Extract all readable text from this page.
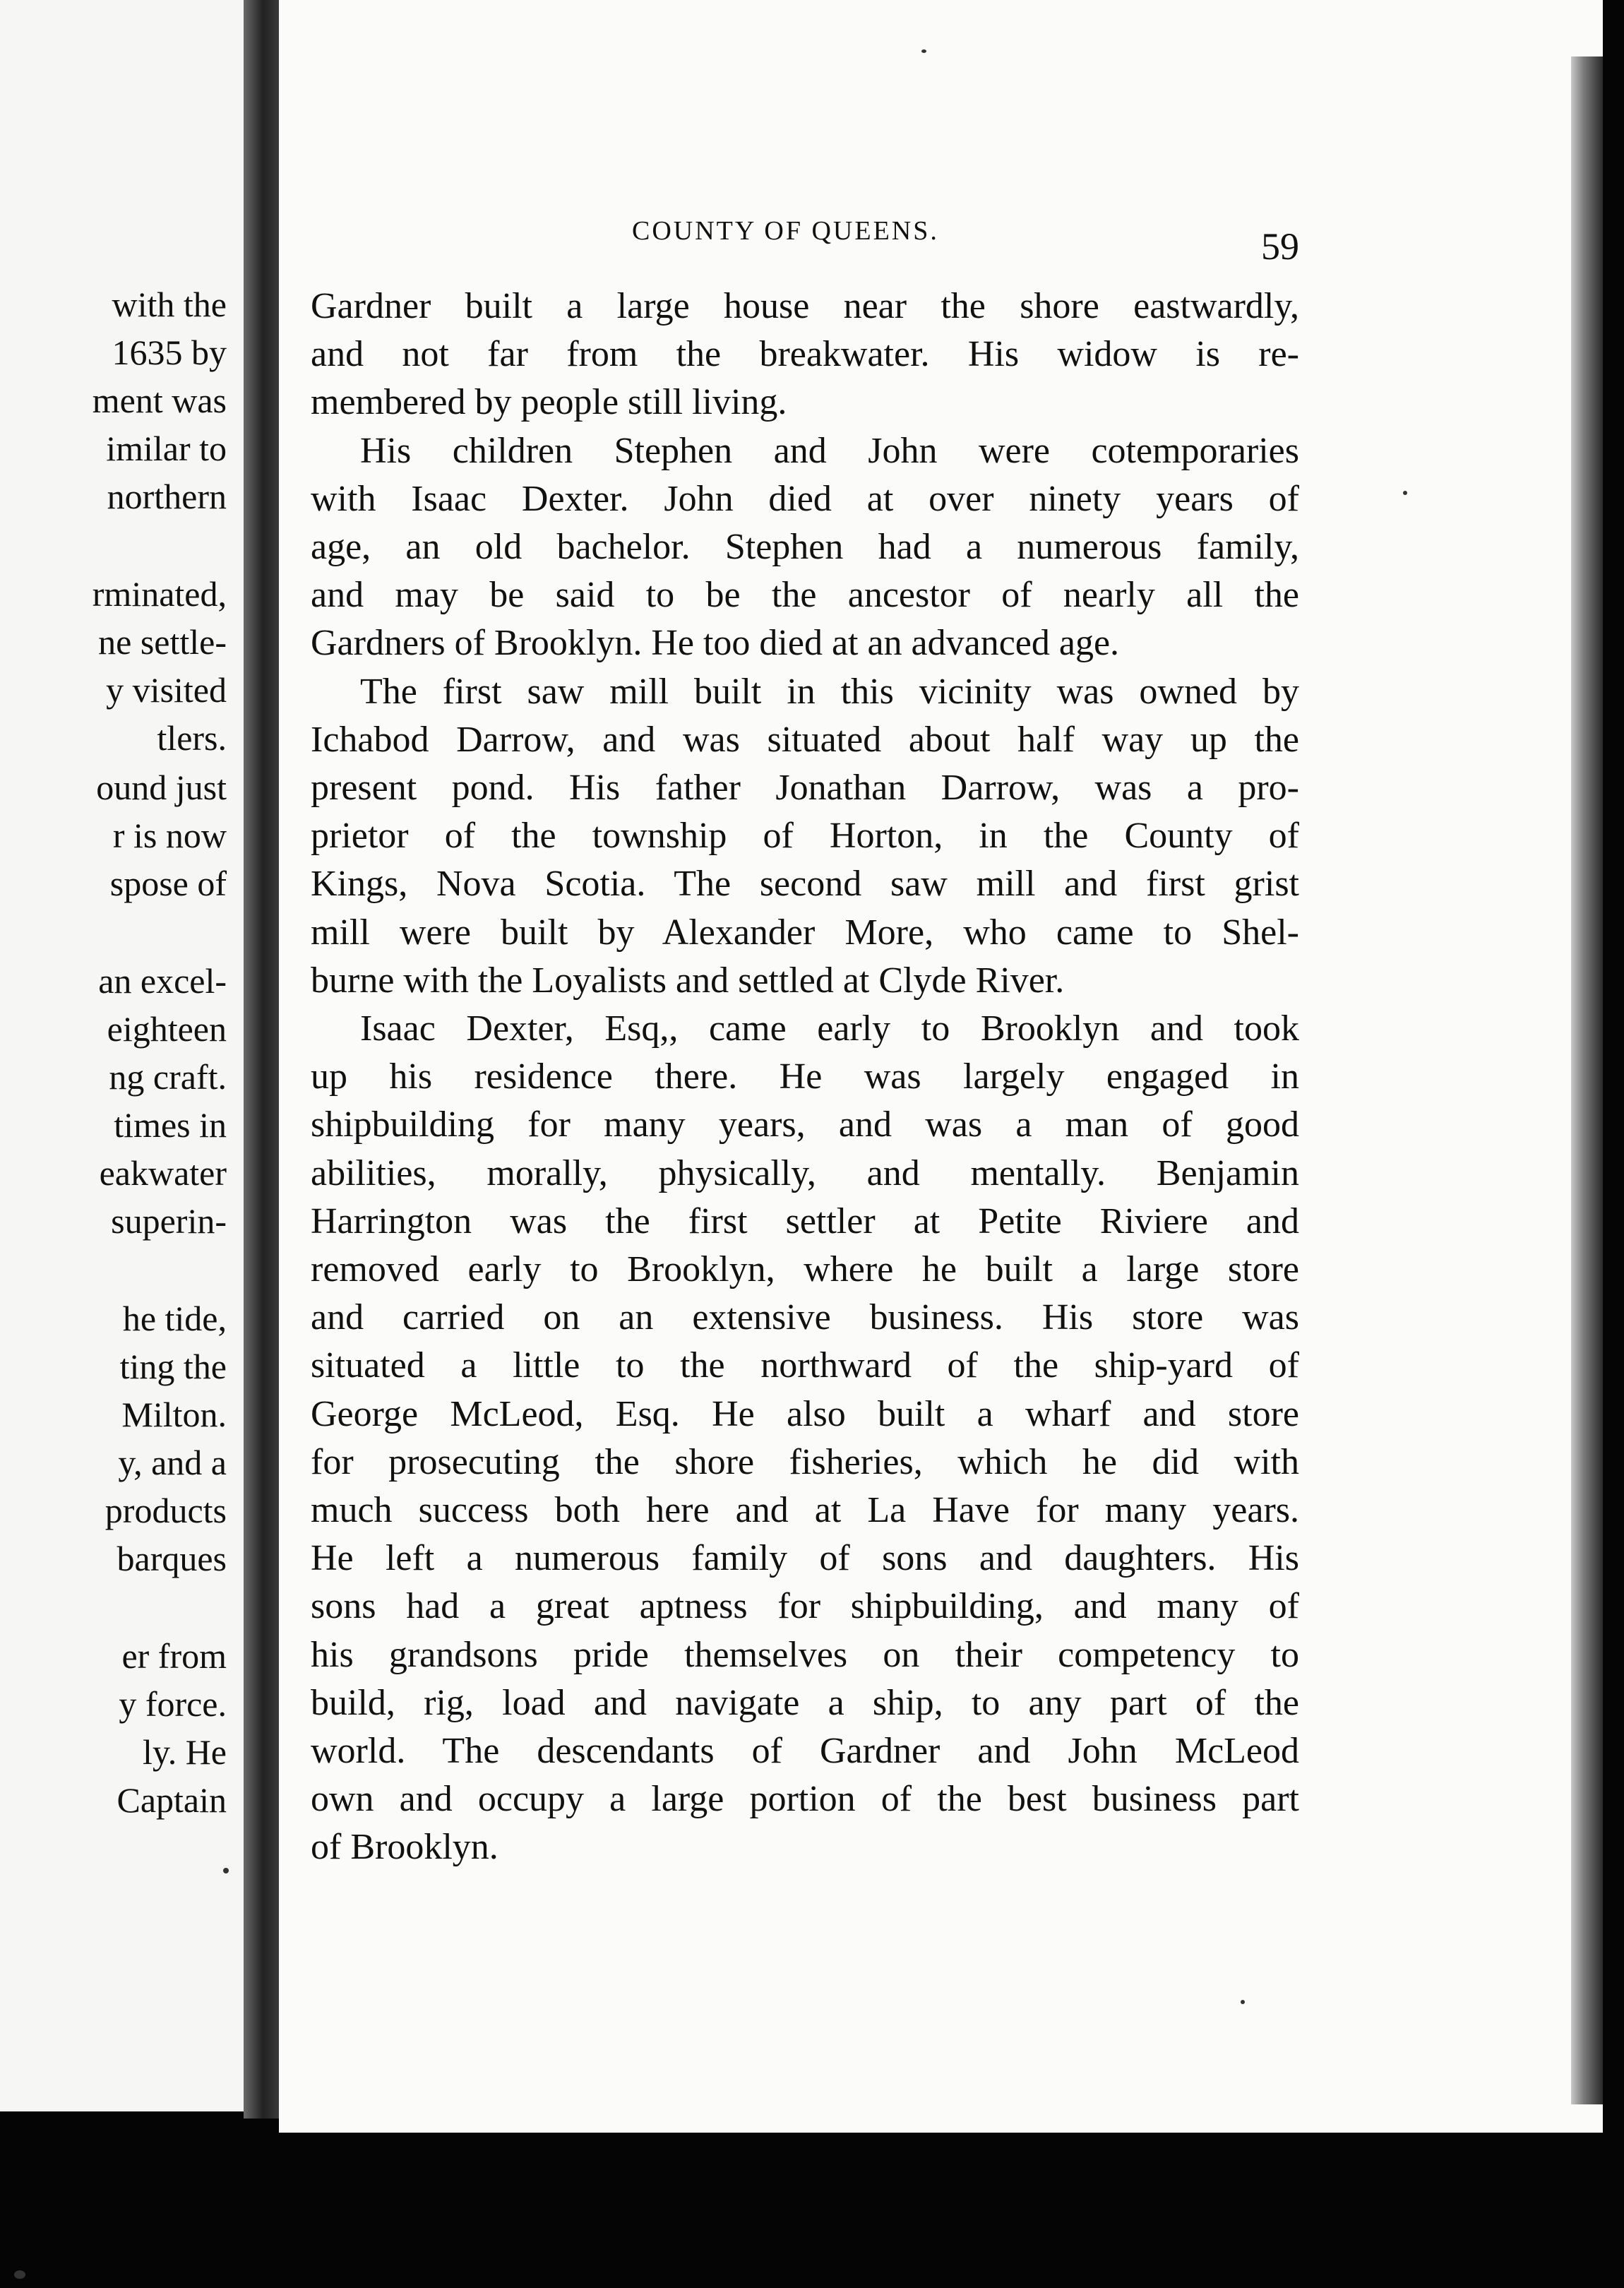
with the
1635 by
ment was
imilar to
northern
rminated,
ne settle-
y visited
tlers.
ound just
r is now
spose of
an excel-
eighteen
ng craft.
times in
eakwater
superin-
he tide,
ting the
Milton.
y, and a
products
barques
er from
y force.
ly. He
Captain
COUNTY OF QUEENS.	59
Gardner built a large house near the shore eastwardly,
and not far from the breakwater. His widow is re-
membered by people still living.
His children Stephen and John were cotemporaries
with Isaac Dexter. John died at over ninety years of
age, an old bachelor. Stephen had a numerous family,
and may be said to be the ancestor of nearly all the
Gardners of Brooklyn. He too died at an advanced age.
The first saw mill built in this vicinity was owned by
Ichabod Darrow, and was situated about half way up the
present pond. His father Jonathan Darrow, was a pro-
prietor of the township of Horton, in the County of
Kings, Nova Scotia. The second saw mill and first grist
mill were built by Alexander More, who came to Shel-
burne with the Loyalists and settled at Clyde River.
Isaac Dexter, Esq,, came early to Brooklyn and took
up his residence there. He was largely engaged in
shipbuilding for many years, and was a man of good
abilities, morally, physically, and mentally. Benjamin
Harrington was the first settler at Petite Riviere and
removed early to Brooklyn, where he built a large store
and carried on an extensive business. His store was
situated a little to the northward of the ship-yard of
George McLeod, Esq. He also built a wharf and store
for prosecuting the shore fisheries, which he did with
much success both here and at La Have for many years.
He left a numerous family of sons and daughters. His
sons had a great aptness for shipbuilding, and many of
his grandsons pride themselves on their competency to
build, rig, load and navigate a ship, to any part of the
world. The descendants of Gardner and John McLeod
own and occupy a large portion of the best business part
of Brooklyn.
